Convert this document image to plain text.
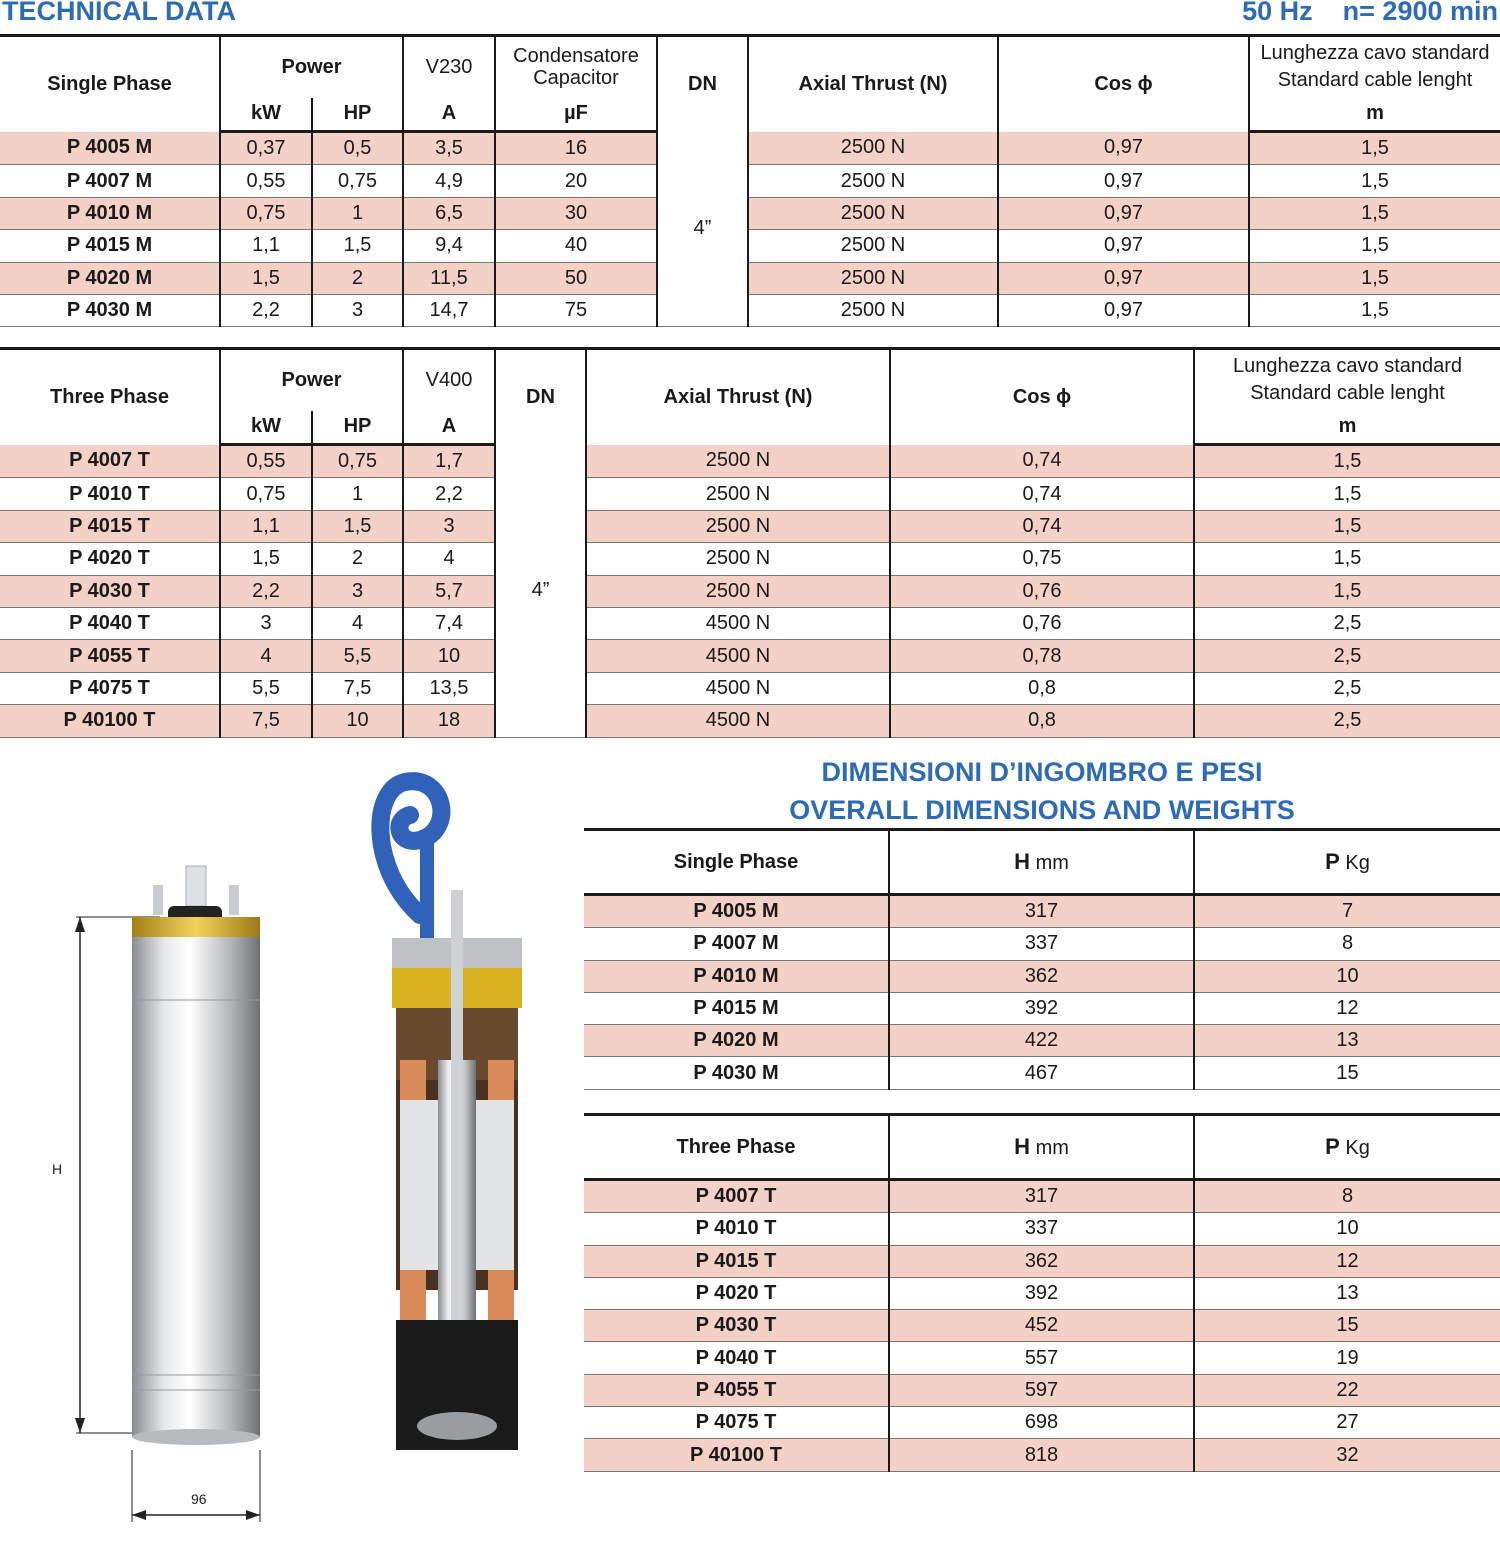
TECHNICAL DATA	50 Hz    n= 2900 min
Single Phase	Power		V230	Condensatore
Capacitor	DN	Axial Thrust (N)	Cos ϕ	Lunghezza cavo standard
Standard cable lenght
	kW	HP	A	µF				m
P 4005 M	0,37	0,5	3,5	16	4”	2500 N	0,97	1,5
P 4007 M	0,55	0,75	4,9	20		2500 N	0,97	1,5
P 4010 M	0,75	1	6,5	30		2500 N	0,97	1,5
P 4015 M	1,1	1,5	9,4	40		2500 N	0,97	1,5
P 4020 M	1,5	2	11,5	50		2500 N	0,97	1,5
P 4030 M	2,2	3	14,7	75		2500 N	0,97	1,5
Three Phase	Power		V400	DN	Axial Thrust (N)	Cos ϕ	Lunghezza cavo standard
Standard cable lenght
	kW	HP	A				m
P 4007 T	0,55	0,75	1,7	4”	2500 N	0,74	1,5
P 4010 T	0,75	1	2,2		2500 N	0,74	1,5
P 4015 T	1,1	1,5	3		2500 N	0,74	1,5
P 4020 T	1,5	2	4		2500 N	0,75	1,5
P 4030 T	2,2	3	5,7		2500 N	0,76	1,5
P 4040 T	3	4	7,4		4500 N	0,76	2,5
P 4055 T	4	5,5	10		4500 N	0,78	2,5
P 4075 T	5,5	7,5	13,5		4500 N	0,8	2,5
P 40100 T	7,5	10	18		4500 N	0,8	2,5
H
96
DIMENSIONI D’INGOMBRO E PESI
OVERALL DIMENSIONS AND WEIGHTS
Single Phase	H mm	P Kg
P 4005 M	317	7
P 4007 M	337	8
P 4010 M	362	10
P 4015 M	392	12
P 4020 M	422	13
P 4030 M	467	15
Three Phase	H mm	P Kg
P 4007 T	317	8
P 4010 T	337	10
P 4015 T	362	12
P 4020 T	392	13
P 4030 T	452	15
P 4040 T	557	19
P 4055 T	597	22
P 4075 T	698	27
P 40100 T	818	32
